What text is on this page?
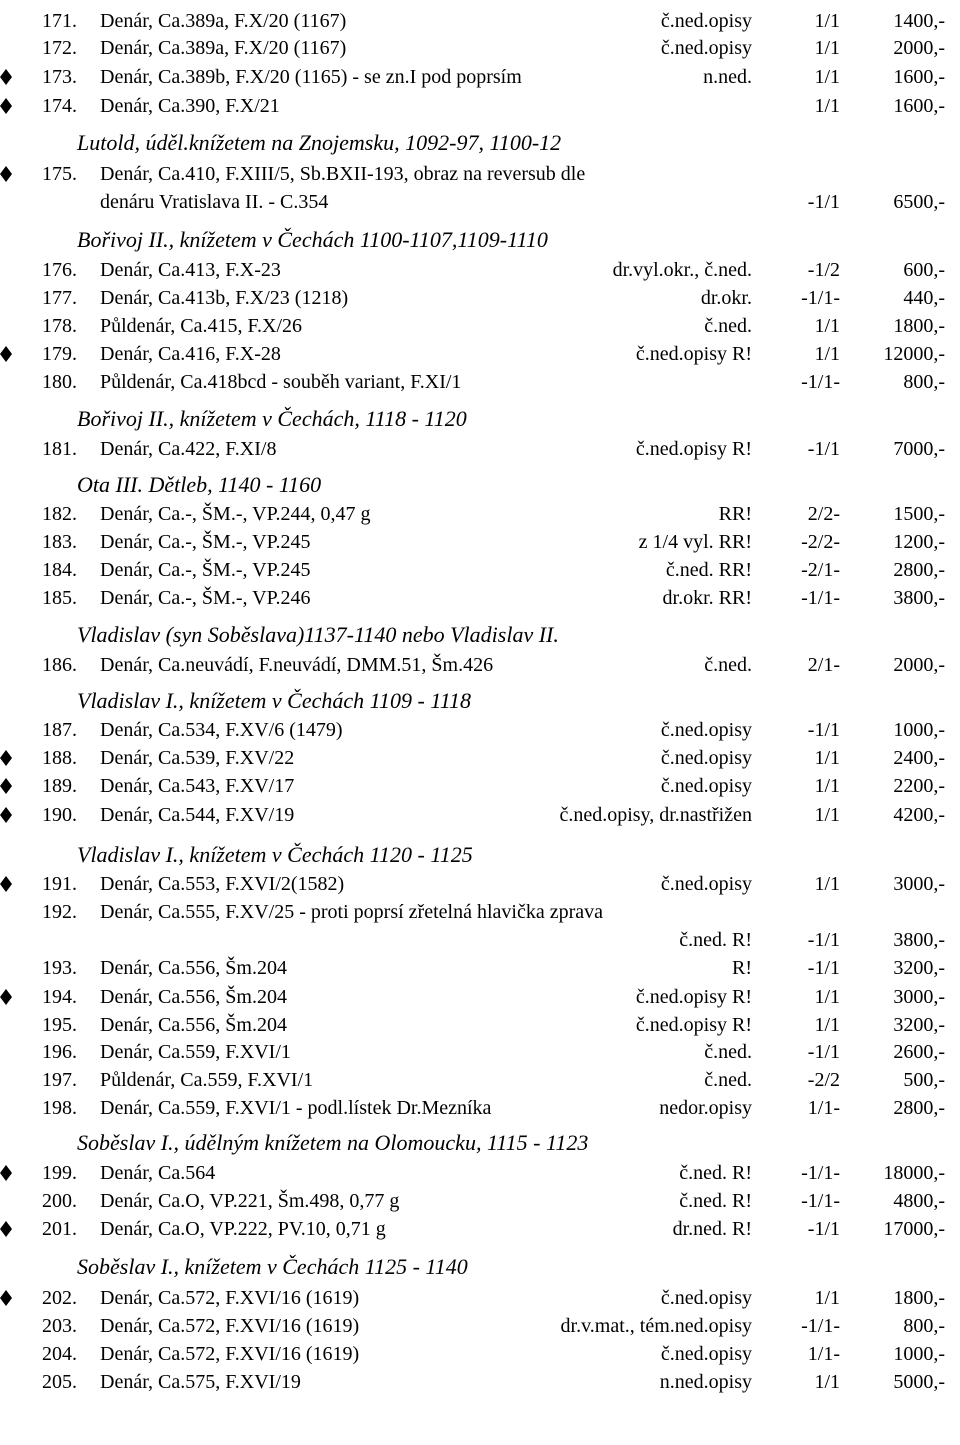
171. Denár, Ca.389a, F.X/20 (1167)	č.ned.opisy	1/1	1400,-
172. Denár, Ca.389a, F.X/20 (1167)	č.ned.opisy	1/1	2000,-
173. Denár, Ca.389b, F.X/20 (1165) - se zn.I pod poprsím	n.ned.	1/1	1600,-
174. Denár, Ca.390, F.X/21	1/1	1600,-
Lutold, úděl.knížetem na Znojemsku, 1092-97, 1100-12
175. Denár, Ca.410, F.XIII/5, Sb.BXII-193, obraz na reversub dle
denáru Vratislava II. - C.354	-1/1	6500,-
Bořivoj II., knížetem v Čechách 1100-1107,1109-1110
176. Denár, Ca.413, F.X-23	dr.vyl.okr., č.ned.	-1/2	600,-
177. Denár, Ca.413b, F.X/23 (1218)	dr.okr. -1/1-	440,-
178. Půldenár, Ca.415, F.X/26	č.ned.	1/1	1800,-
179. Denár, Ca.416, F.X-28	č.ned.opisy R!	1/1 12000,-
180. Půldenár, Ca.418bcd - souběh variant, F.XI/1	-1/1-	800,-
Bořivoj II., knížetem v Čechách, 1118 - 1120
181. Denár, Ca.422, F.XI/8	č.ned.opisy R!	-1/1	7000,-
Ota III. Dětleb, 1140 - 1160
182. Denár, Ca.-, ŠM.-, VP.244, 0,47 g	RR!	2/2-	1500,-
183. Denár, Ca.-, ŠM.-, VP.245	z 1/4 vyl. RR! -2/2-	1200,-
184. Denár, Ca.-, ŠM.-, VP.245	č.ned. RR! -2/1-	2800,-
185. Denár, Ca.-, ŠM.-, VP.246	dr.okr. RR! -1/1-	3800,-
Vladislav (syn Soběslava)1137-1140 nebo Vladislav II.
186. Denár, Ca.neuvádí, F.neuvádí, DMM.51, Šm.426	č.ned.	2/1-	2000,-
Vladislav I., knížetem v Čechách 1109 - 1118
187. Denár, Ca.534, F.XV/6 (1479)	č.ned.opisy	-1/1	1000,-
188. Denár, Ca.539, F.XV/22	č.ned.opisy	1/1	2400,-
189. Denár, Ca.543, F.XV/17	č.ned.opisy	1/1	2200,-
190. Denár, Ca.544, F.XV/19	č.ned.opisy, dr.nastřižen	1/1	4200,-
Vladislav I., knížetem v Čechách 1120 - 1125
191. Denár, Ca.553, F.XVI/2(1582)	č.ned.opisy	1/1	3000,-
192. Denár, Ca.555, F.XV/25 - proti poprsí zřetelná hlavička zprava
č.ned. R!	-1/1	3800,-
193. Denár, Ca.556, Šm.204	R!	-1/1	3200,-
194. Denár, Ca.556, Šm.204	č.ned.opisy R!	1/1	3000,-
195. Denár, Ca.556, Šm.204	č.ned.opisy R!	1/1	3200,-
196. Denár, Ca.559, F.XVI/1	č.ned.	-1/1	2600,-
197. Půldenár, Ca.559, F.XVI/1	č.ned.	-2/2	500,-
198. Denár, Ca.559, F.XVI/1 - podl.lístek Dr.Mezníka	nedor.opisy	1/1-	2800,-
Soběslav I., údělným knížetem na Olomoucku, 1115 - 1123
199. Denár, Ca.564	č.ned. R! -1/1- 18000,-
200. Denár, Ca.O, VP.221, Šm.498, 0,77 g	č.ned. R! -1/1-	4800,-
201. Denár, Ca.O, VP.222, PV.10, 0,71 g	dr.ned. R!	-1/1 17000,-
Soběslav I., knížetem v Čechách 1125 - 1140
202. Denár, Ca.572, F.XVI/16 (1619)	č.ned.opisy	1/1	1800,-
203. Denár, Ca.572, F.XVI/16 (1619)	dr.v.mat., tém.ned.opisy -1/1-	800,-
204. Denár, Ca.572, F.XVI/16 (1619)	č.ned.opisy	1/1-	1000,-
205. Denár, Ca.575, F.XVI/19	n.ned.opisy	1/1	5000,-
